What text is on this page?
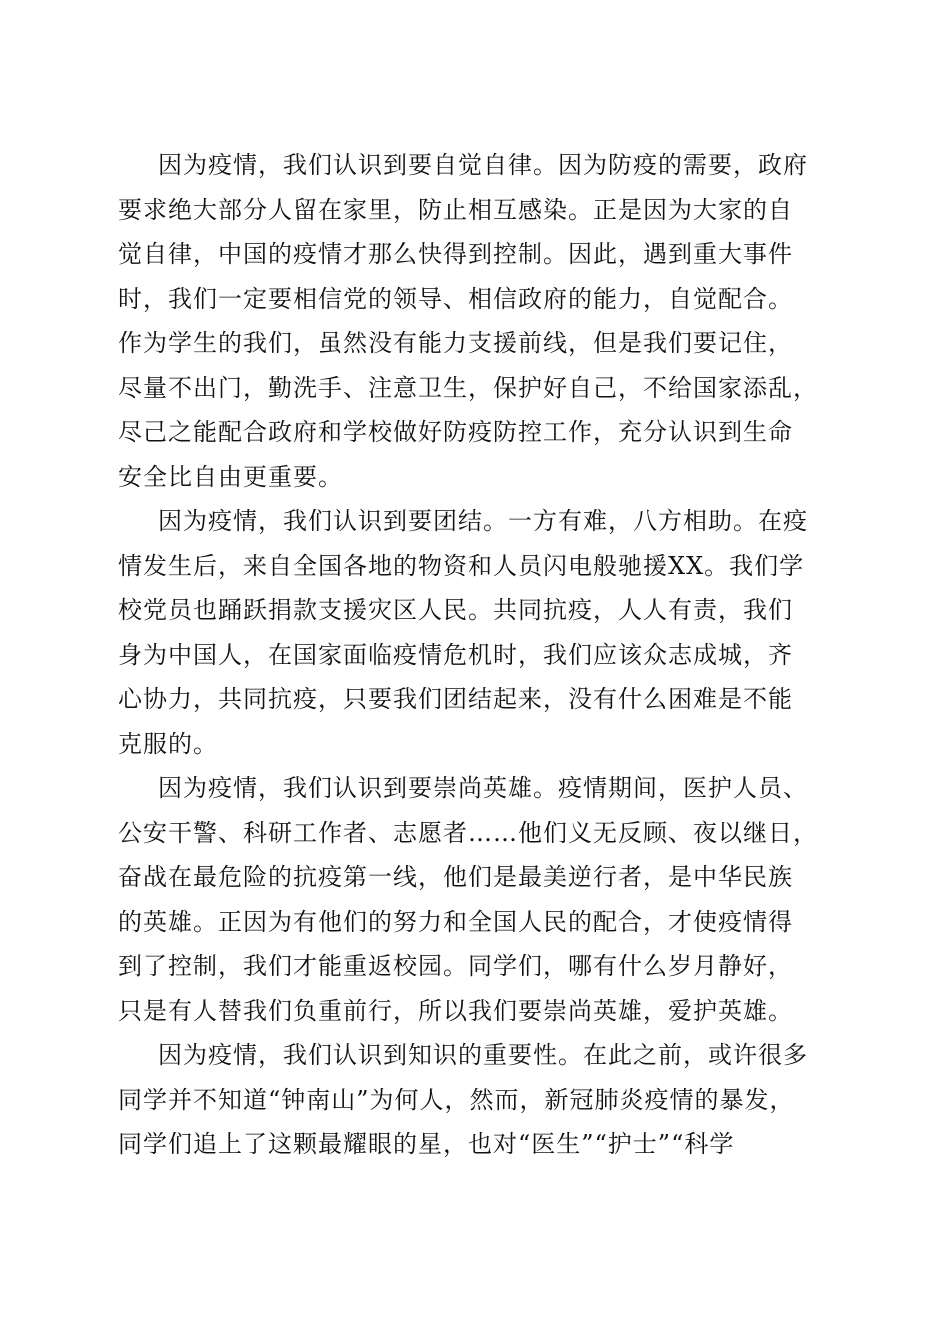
因为疫情，我们认识到要自觉自律。因为防疫的需要，政府
要求绝大部分人留在家里，防止相互感染。正是因为大家的自
觉自律，中国的疫情才那么快得到控制。因此，遇到重大事件
时，我们一定要相信党的领导、相信政府的能力，自觉配合。
作为学生的我们，虽然没有能力支援前线，但是我们要记住，
尽量不出门，勤洗手、注意卫生，保护好自己，不给国家添乱，
尽己之能配合政府和学校做好防疫防控工作，充分认识到生命
安全比自由更重要。
因为疫情，我们认识到要团结。一方有难，八方相助。在疫
情发生后，来自全国各地的物资和人员闪电般驰援XX。我们学
校党员也踊跃捐款支援灾区人民。共同抗疫，人人有责，我们
身为中国人，在国家面临疫情危机时，我们应该众志成城，齐
心协力，共同抗疫，只要我们团结起来，没有什么困难是不能
克服的。
因为疫情，我们认识到要崇尚英雄。疫情期间，医护人员、
公安干警、科研工作者、志愿者……他们义无反顾、夜以继日，
奋战在最危险的抗疫第一线，他们是最美逆行者，是中华民族
的英雄。正因为有他们的努力和全国人民的配合，才使疫情得
到了控制，我们才能重返校园。同学们，哪有什么岁月静好，
只是有人替我们负重前行，所以我们要崇尚英雄，爱护英雄。
因为疫情，我们认识到知识的重要性。在此之前，或许很多
同学并不知道“钟南山”为何人，然而，新冠肺炎疫情的暴发，
同学们追上了这颗最耀眼的星，也对“医生”“护士”“科学
